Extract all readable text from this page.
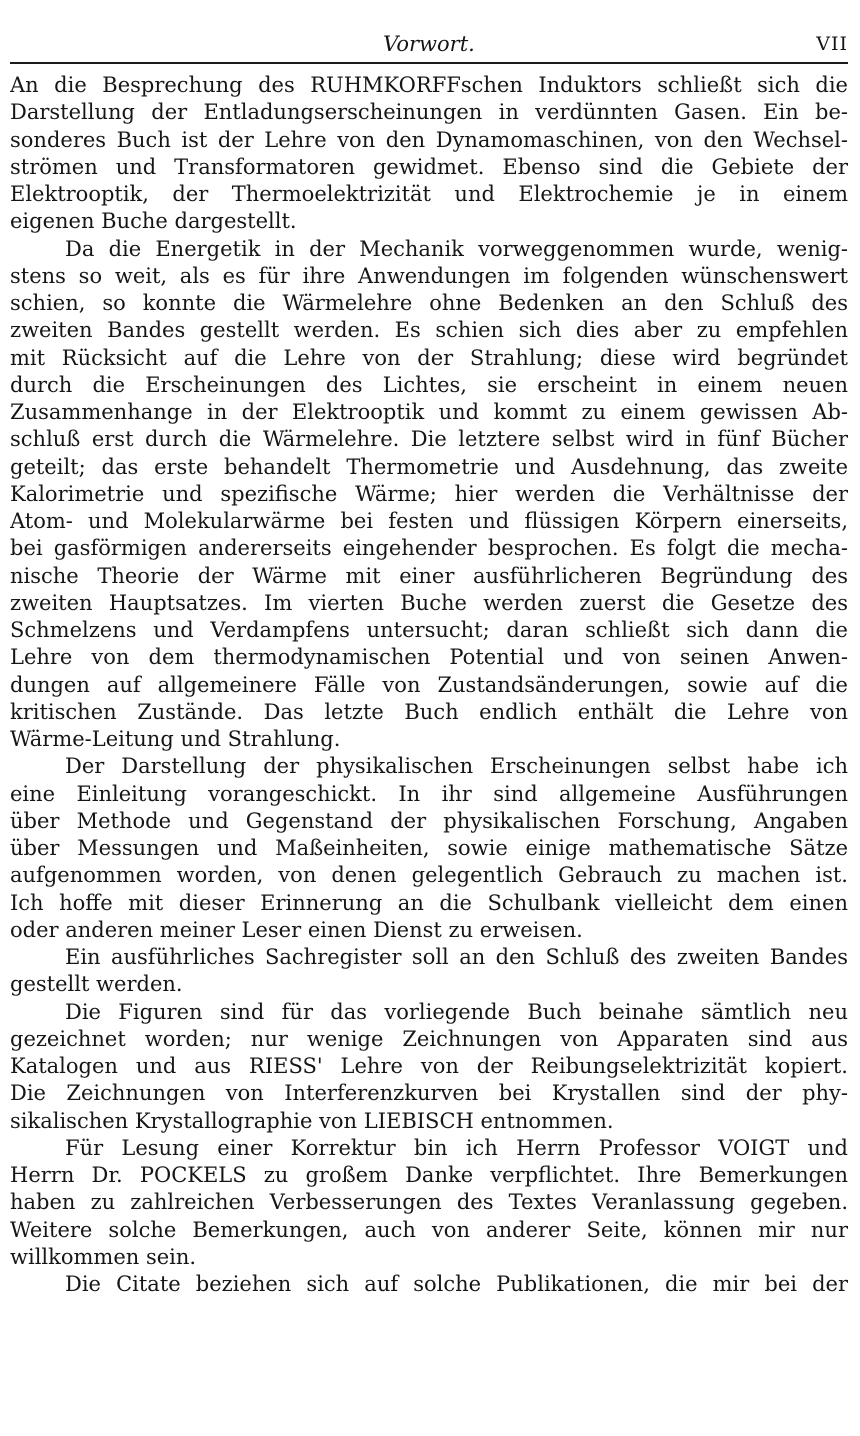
Vorwort.	VII
An die Besprechung des RUHMKORFFschen Induktors schließt sich die
Darstellung der Entladungserscheinungen in verdünnten Gasen. Ein be-
sonderes Buch ist der Lehre von den Dynamomaschinen, von den Wechsel-
strömen und Transformatoren gewidmet. Ebenso sind die Gebiete der
Elektrooptik, der Thermoelektrizität und Elektrochemie je in einem
eigenen Buche dargestellt.
Da die Energetik in der Mechanik vorweggenommen wurde, wenig-
stens so weit, als es für ihre Anwendungen im folgenden wünschenswert
schien, so konnte die Wärmelehre ohne Bedenken an den Schluß des
zweiten Bandes gestellt werden. Es schien sich dies aber zu empfehlen
mit Rücksicht auf die Lehre von der Strahlung; diese wird begründet
durch die Erscheinungen des Lichtes, sie erscheint in einem neuen
Zusammenhange in der Elektrooptik und kommt zu einem gewissen Ab-
schluß erst durch die Wärmelehre. Die letztere selbst wird in fünf Bücher
geteilt; das erste behandelt Thermometrie und Ausdehnung, das zweite
Kalorimetrie und spezifische Wärme; hier werden die Verhältnisse der
Atom- und Molekularwärme bei festen und flüssigen Körpern einerseits,
bei gasförmigen andererseits eingehender besprochen. Es folgt die mecha-
nische Theorie der Wärme mit einer ausführlicheren Begründung des
zweiten Hauptsatzes. Im vierten Buche werden zuerst die Gesetze des
Schmelzens und Verdampfens untersucht; daran schließt sich dann die
Lehre von dem thermodynamischen Potential und von seinen Anwen-
dungen auf allgemeinere Fälle von Zustandsänderungen, sowie auf die
kritischen Zustände. Das letzte Buch endlich enthält die Lehre von
Wärme-Leitung und Strahlung.
Der Darstellung der physikalischen Erscheinungen selbst habe ich
eine Einleitung vorangeschickt. In ihr sind allgemeine Ausführungen
über Methode und Gegenstand der physikalischen Forschung, Angaben
über Messungen und Maßeinheiten, sowie einige mathematische Sätze
aufgenommen worden, von denen gelegentlich Gebrauch zu machen ist.
Ich hoffe mit dieser Erinnerung an die Schulbank vielleicht dem einen
oder anderen meiner Leser einen Dienst zu erweisen.
Ein ausführliches Sachregister soll an den Schluß des zweiten Bandes
gestellt werden.
Die Figuren sind für das vorliegende Buch beinahe sämtlich neu
gezeichnet worden; nur wenige Zeichnungen von Apparaten sind aus
Katalogen und aus RIESS' Lehre von der Reibungselektrizität kopiert.
Die Zeichnungen von Interferenzkurven bei Krystallen sind der phy-
sikalischen Krystallographie von LIEBISCH entnommen.
Für Lesung einer Korrektur bin ich Herrn Professor VOIGT und
Herrn Dr. POCKELS zu großem Danke verpflichtet. Ihre Bemerkungen
haben zu zahlreichen Verbesserungen des Textes Veranlassung gegeben.
Weitere solche Bemerkungen, auch von anderer Seite, können mir nur
willkommen sein.
Die Citate beziehen sich auf solche Publikationen, die mir bei der
